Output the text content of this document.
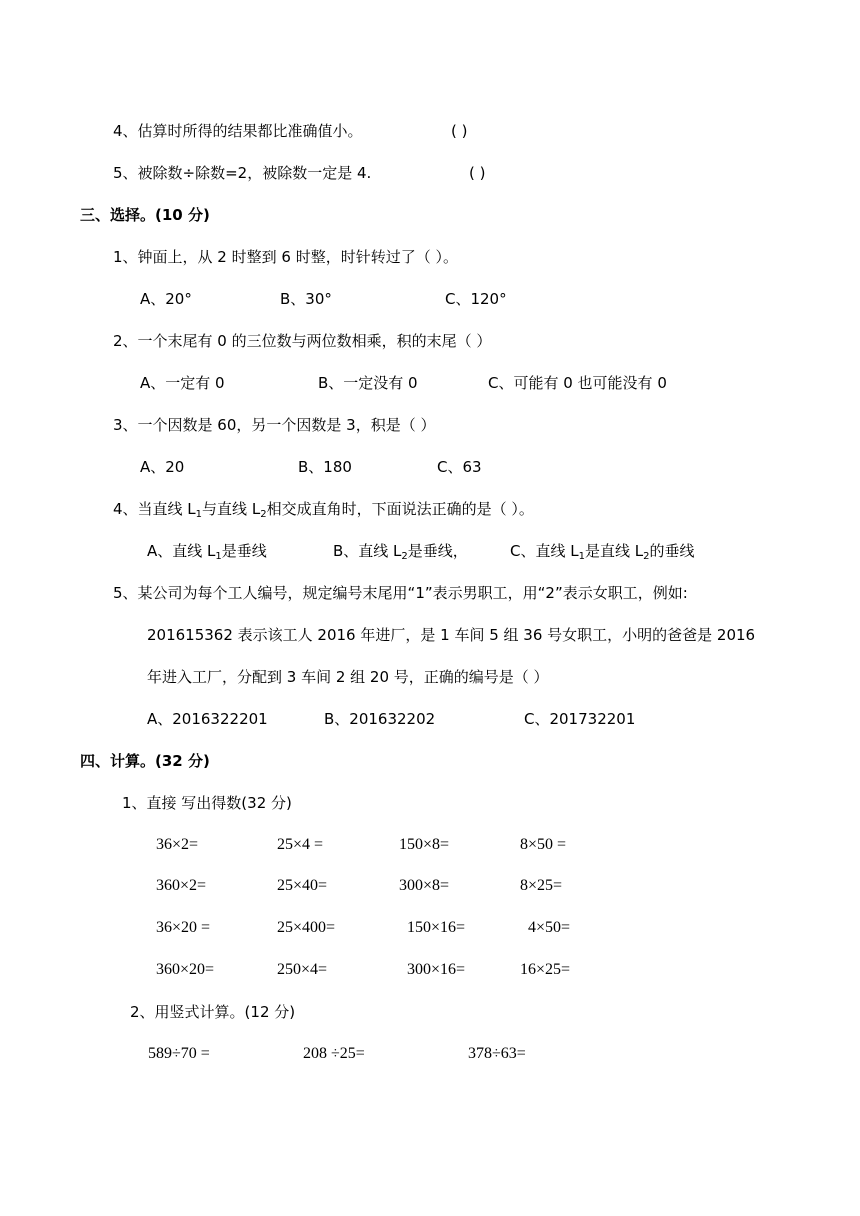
4、估算时所得的结果都比准确值小。	( )
5、被除数÷除数=2，被除数一定是 4.	( )
三、选择。(10 分)
1、钟面上，从 2 时整到 6 时整，时针转过了（ ）。
A、20°	B、30°	C、120°
2、一个末尾有 0 的三位数与两位数相乘，积的末尾（ ）
A、一定有 0	B、一定没有 0	C、可能有 0 也可能没有 0
3、一个因数是 60，另一个因数是 3，积是（ ）
A、20	B、180	C、63
4、当直线 $L_1$与直线 $L_2$相交成直角时，下面说法正确的是（ ）。
A、直线 $L_1$是垂线	B、直线 $L_2$是垂线，	C、直线 $L_1$是直线 $L_2$的垂线
5、某公司为每个工人编号，规定编号末尾用“1”表示男职工，用“2”表示女职工，例如:
201615362 表示该工人 2016 年进厂，是 1 车间 5 组 36 号女职工，小明的爸爸是 2016
年进入工厂，分配到 3 车间 2 组 20 号，正确的编号是（ ）
A、2016322201	B、201632202	C、201732201
四、计算。(32 分)
1、直接 写出得数(32 分)
36×2=	25×4 =	150×8=	8×50 =
360×2=	25×40=	300×8=	8×25=
36×20 =	25×400=	150×16=	4×50=
360×20=	250×4=	300×16=	16×25=
2、用竖式计算。(12 分)
589÷70 =	208 ÷25=	378÷63=
